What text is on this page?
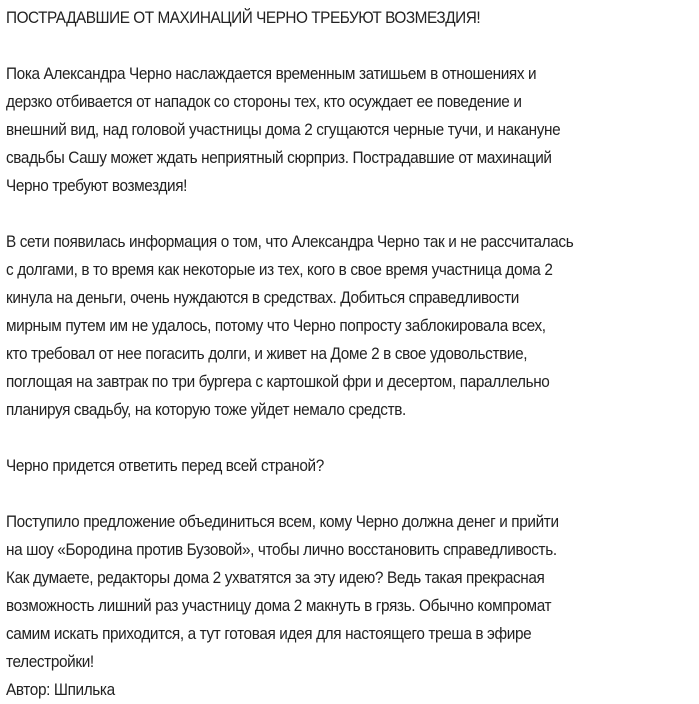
ПОСТРАДАВШИЕ ОТ МАХИНАЦИЙ ЧЕРНО ТРЕБУЮТ ВОЗМЕЗДИЯ!

Пока Александра Черно наслаждается временным затишьем в отношениях и
дерзко отбивается от нападок со стороны тех, кто осуждает ее поведение и
внешний вид, над головой участницы дома 2 сгущаются черные тучи, и накануне
свадьбы Сашу может ждать неприятный сюрприз. Пострадавшие от махинаций
Черно требуют возмездия!

В сети появилась информация о том, что Александра Черно так и не рассчиталась
с долгами, в то время как некоторые из тех, кого в свое время участница дома 2
кинула на деньги, очень нуждаются в средствах. Добиться справедливости
мирным путем им не удалось, потому что Черно попросту заблокировала всех,
кто требовал от нее погасить долги, и живет на Доме 2 в свое удовольствие,
поглощая на завтрак по три бургера с картошкой фри и десертом, параллельно
планируя свадьбу, на которую тоже уйдет немало средств.

Черно придется ответить перед всей страной?

Поступило предложение объединиться всем, кому Черно должна денег и прийти
на шоу «Бородина против Бузовой», чтобы лично восстановить справедливость.
Как думаете, редакторы дома 2 ухватятся за эту идею? Ведь такая прекрасная
возможность лишний раз участницу дома 2 макнуть в грязь. Обычно компромат
самим искать приходится, а тут готовая идея для настоящего треша в эфире
телестройки!
Автор: Шпилька
